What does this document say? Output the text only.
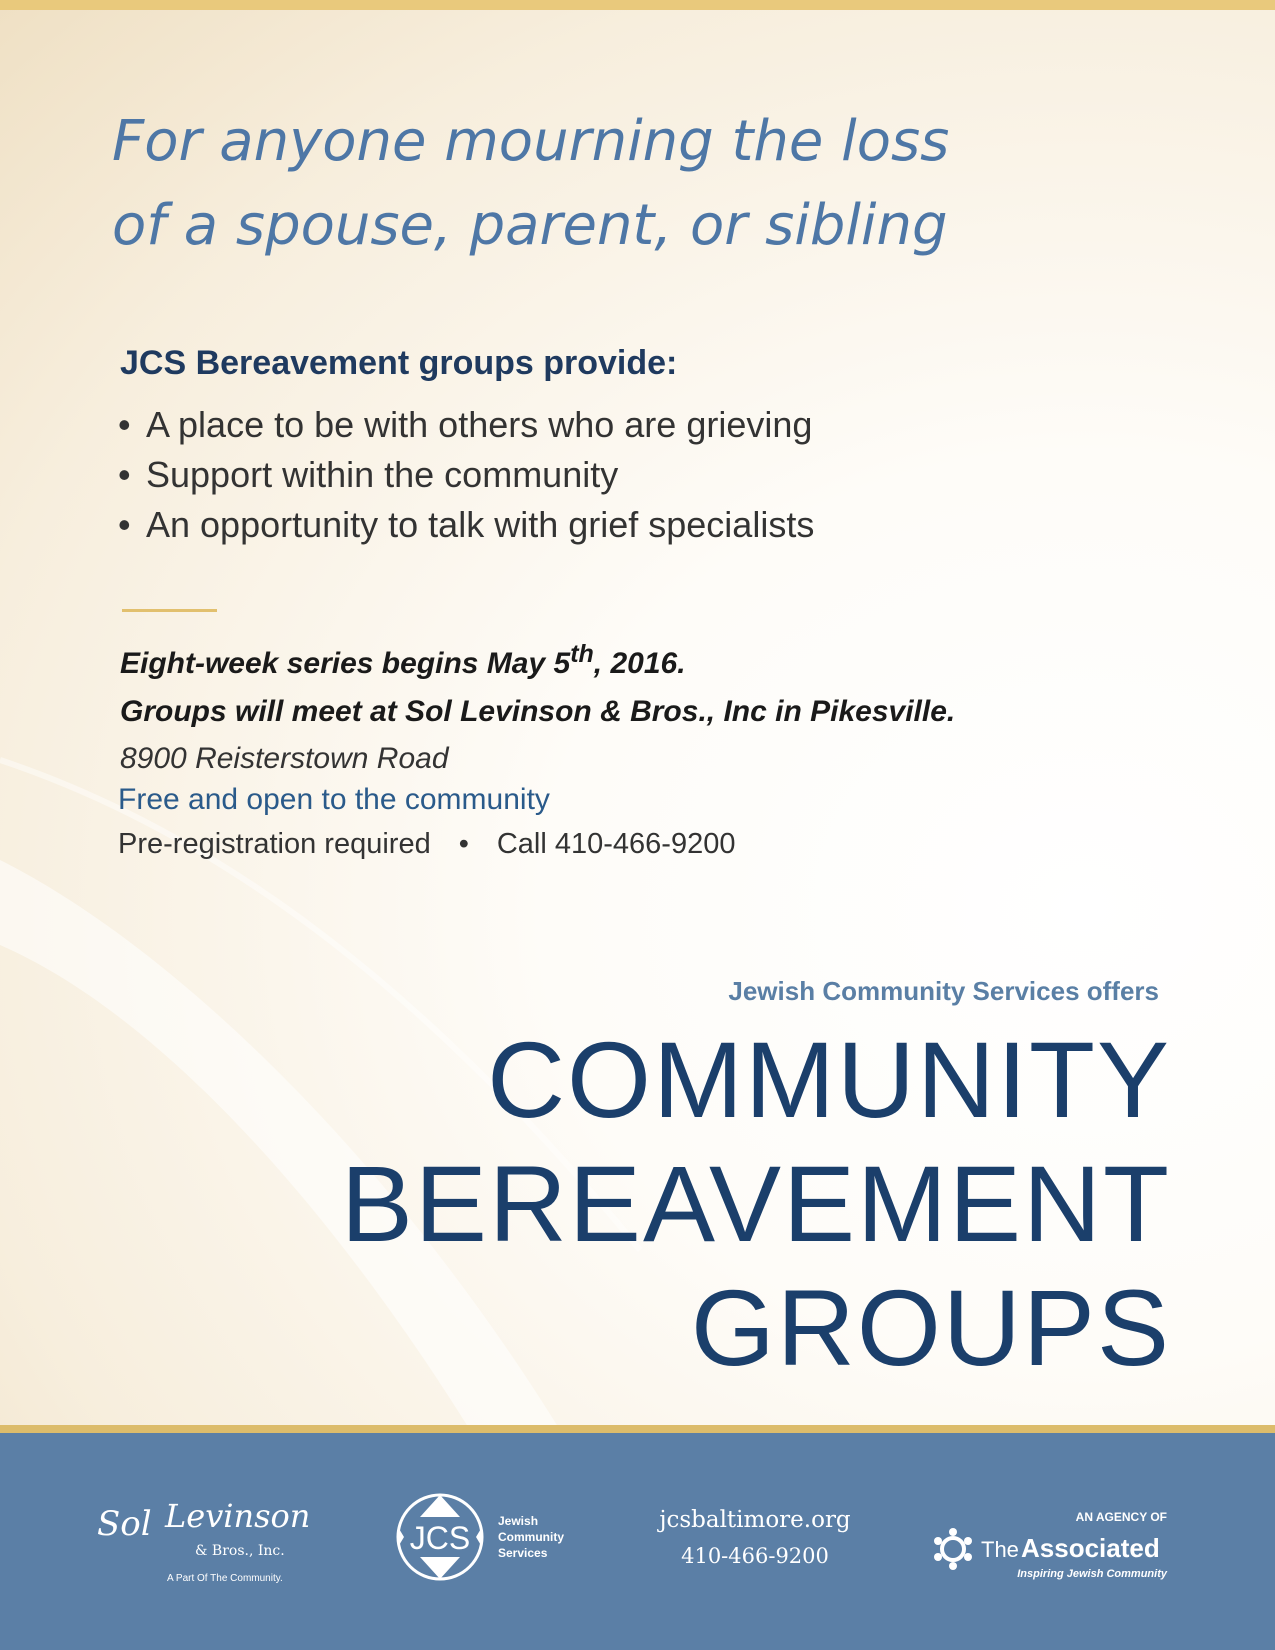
For anyone mourning the loss
of a spouse, parent, or sibling
JCS Bereavement groups provide:
• A place to be with others who are grieving
• Support within the community
• An opportunity to talk with grief specialists
Eight-week series begins May 5th, 2016.
Groups will meet at Sol Levinson & Bros., Inc in Pikesville.
8900 Reisterstown Road
Free and open to the community
Pre-registration required • Call 410-466-9200
Jewish Community Services offers
COMMUNITY
BEREAVEMENT
GROUPS
Sol Levinson
& Bros., Inc.
A Part Of The Community.
JCS Jewish
Community
Services
jcsbaltimore.org
410-466-9200
AN AGENCY OF
The Associated
Inspiring Jewish Community
